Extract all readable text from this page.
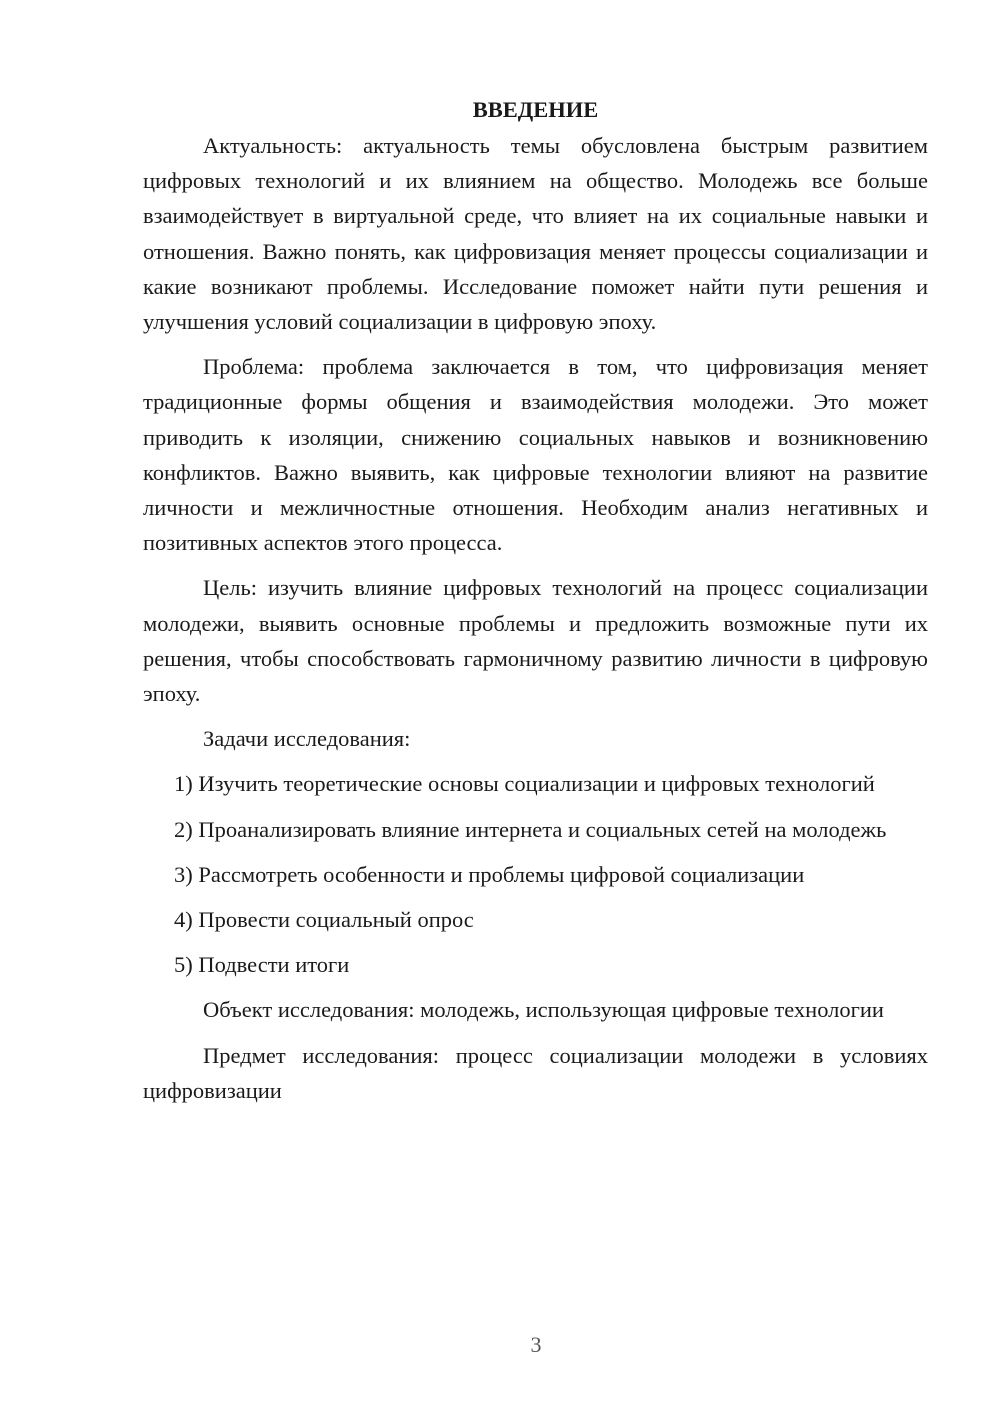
ВВЕДЕНИЕ

Актуальность: актуальность темы обусловлена быстрым развитием цифровых технологий и их влиянием на общество. Молодежь все больше взаимодействует в виртуальной среде, что влияет на их социальные навыки и отношения. Важно понять, как цифровизация меняет процессы социализации и какие возникают проблемы. Исследование поможет найти пути решения и улучшения условий социализации в цифровую эпоху.

Проблема: проблема заключается в том, что цифровизация меняет традиционные формы общения и взаимодействия молодежи. Это может приводить к изоляции, снижению социальных навыков и возникновению конфликтов. Важно выявить, как цифровые технологии влияют на развитие личности и межличностные отношения. Необходим анализ негативных и позитивных аспектов этого процесса.

Цель: изучить влияние цифровых технологий на процесс социализации молодежи, выявить основные проблемы и предложить возможные пути их решения, чтобы способствовать гармоничному развитию личности в цифровую эпоху.

Задачи исследования:

1) Изучить теоретические основы социализации и цифровых технологий

2) Проанализировать влияние интернета и социальных сетей на молодежь

3) Рассмотреть особенности и проблемы цифровой социализации

4) Провести социальный опрос

5) Подвести итоги

Объект исследования: молодежь, использующая цифровые технологии

Предмет исследования: процесс социализации молодежи в условиях цифровизации

3
